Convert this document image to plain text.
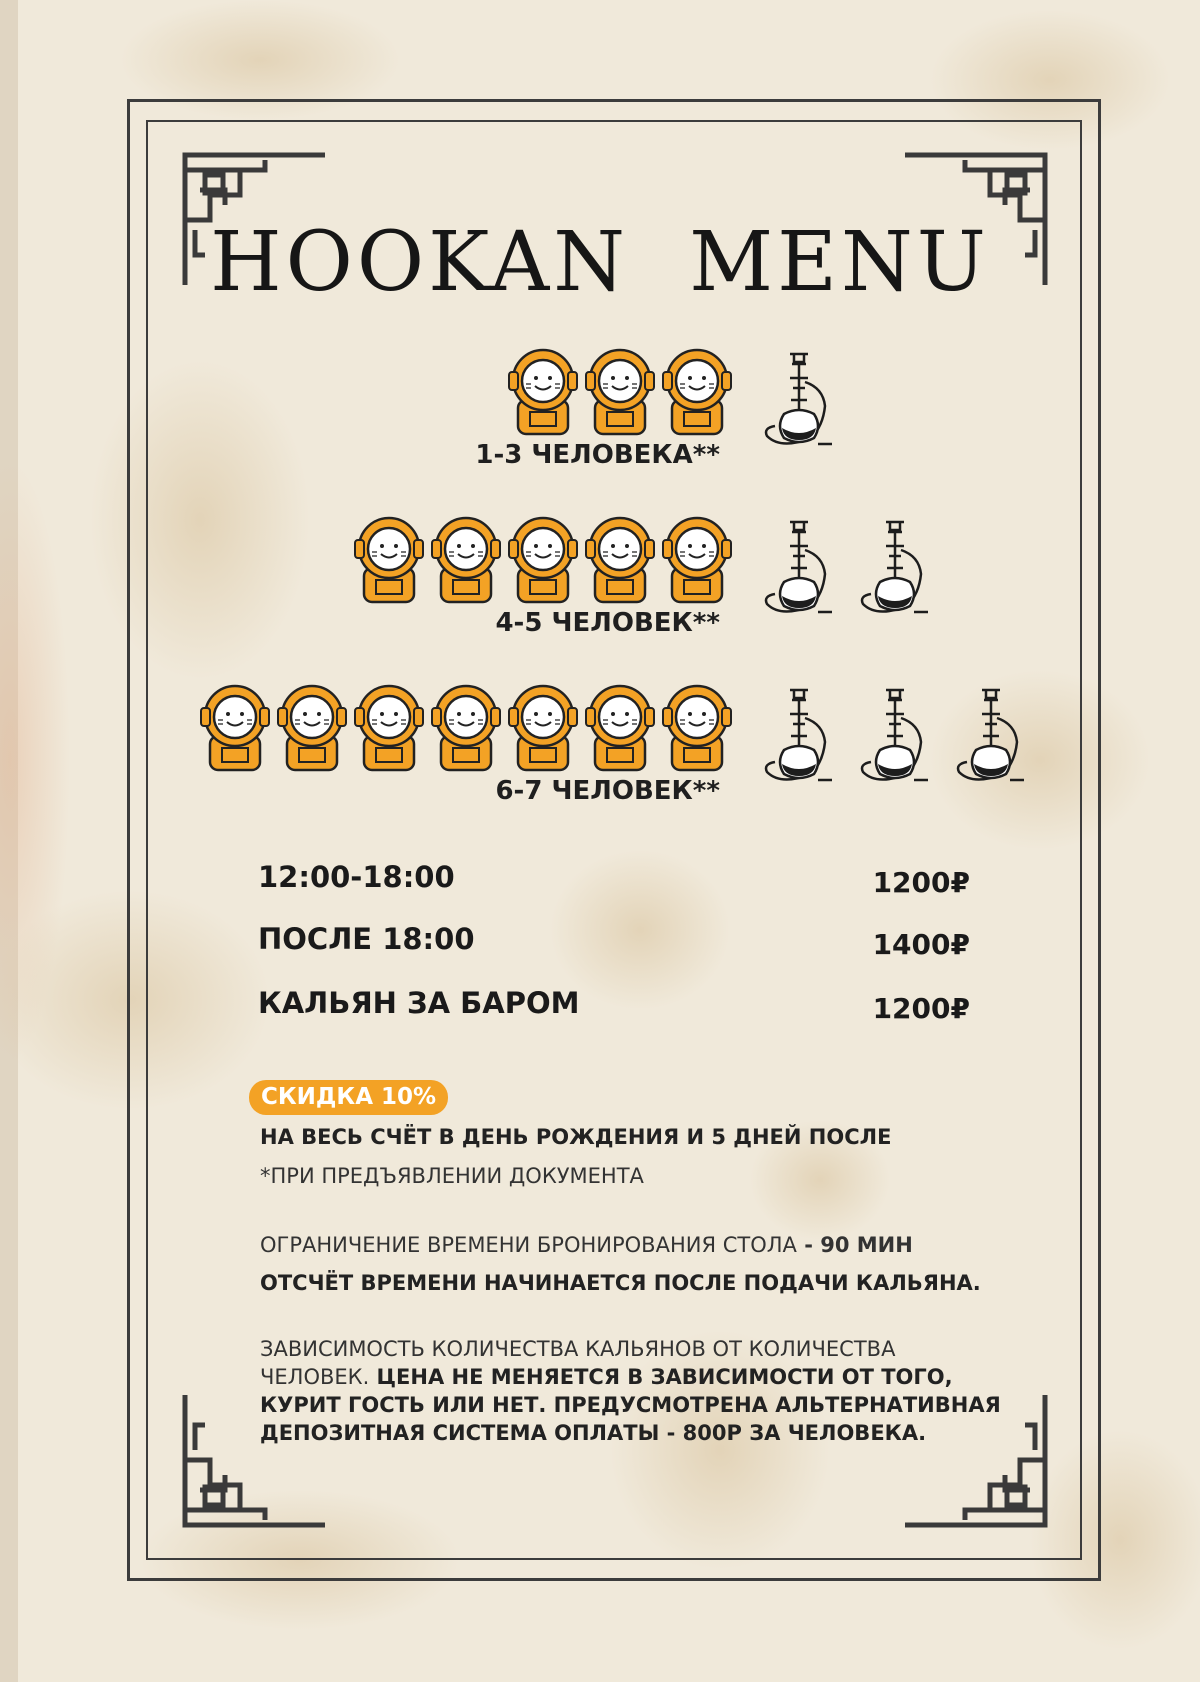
HOOKAN MENU
1-3 ЧЕЛОВЕКА**
4-5 ЧЕЛОВЕК**
6-7 ЧЕЛОВЕК**
12:00-18:00	1200₽
ПОСЛЕ 18:00	1400₽
КАЛЬЯН ЗА БАРОМ	1200₽
СКИДКА 10%
НА ВЕСЬ СЧЁТ В ДЕНЬ РОЖДЕНИЯ И 5 ДНЕЙ ПОСЛЕ
*ПРИ ПРЕДЪЯВЛЕНИИ ДОКУМЕНТА
ОГРАНИЧЕНИЕ ВРЕМЕНИ БРОНИРОВАНИЯ СТОЛА - 90 МИН
ОТСЧЁТ ВРЕМЕНИ НАЧИНАЕТСЯ ПОСЛЕ ПОДАЧИ КАЛЬЯНА.
ЗАВИСИМОСТЬ КОЛИЧЕСТВА КАЛЬЯНОВ ОТ КОЛИЧЕСТВА
ЧЕЛОВЕК. ЦЕНА НЕ МЕНЯЕТСЯ В ЗАВИСИМОСТИ ОТ ТОГО,
КУРИТ ГОСТЬ ИЛИ НЕТ. ПРЕДУСМОТРЕНА АЛЬТЕРНАТИВНАЯ
ДЕПОЗИТНАЯ СИСТЕМА ОПЛАТЫ - 800Р ЗА ЧЕЛОВЕКА.
